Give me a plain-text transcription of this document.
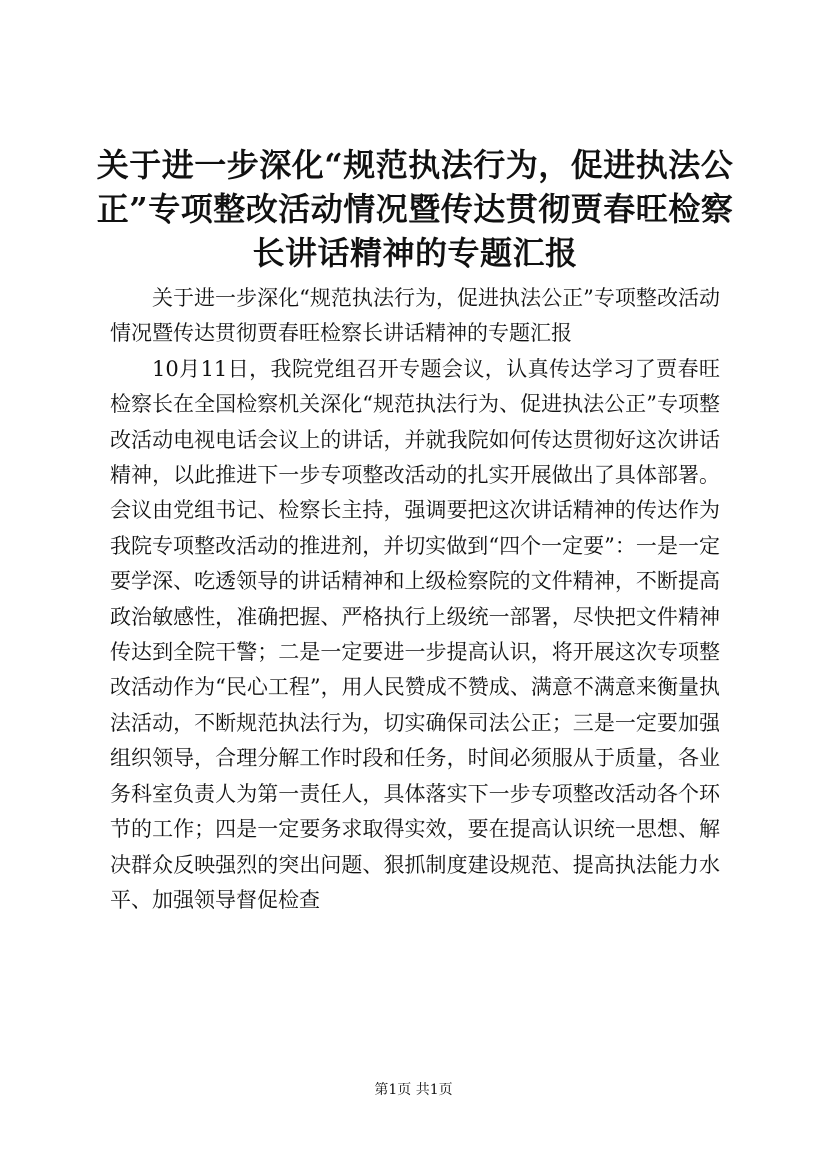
关于进一步深化“规范执法行为，促进执法公正”专项整改活动情况暨传达贯彻贾春旺检察长讲话精神的专题汇报

关于进一步深化“规范执法行为，促进执法公正”专项整改活动情况暨传达贯彻贾春旺检察长讲话精神的专题汇报

10月11日，我院党组召开专题会议，认真传达学习了贾春旺检察长在全国检察机关深化“规范执法行为、促进执法公正”专项整改活动电视电话会议上的讲话，并就我院如何传达贯彻好这次讲话精神，以此推进下一步专项整改活动的扎实开展做出了具体部署。会议由党组书记、检察长主持，强调要把这次讲话精神的传达作为我院专项整改活动的推进剂，并切实做到“四个一定要”：一是一定要学深、吃透领导的讲话精神和上级检察院的文件精神，不断提高政治敏感性，准确把握、严格执行上级统一部署，尽快把文件精神传达到全院干警；二是一定要进一步提高认识，将开展这次专项整改活动作为“民心工程”，用人民赞成不赞成、满意不满意来衡量执法活动，不断规范执法行为，切实确保司法公正；三是一定要加强组织领导，合理分解工作时段和任务，时间必须服从于质量，各业务科室负责人为第一责任人，具体落实下一步专项整改活动各个环节的工作；四是一定要务求取得实效，要在提高认识统一思想、解决群众反映强烈的突出问题、狠抓制度建设规范、提高执法能力水平、加强领导督促检查

第1页 共1页
